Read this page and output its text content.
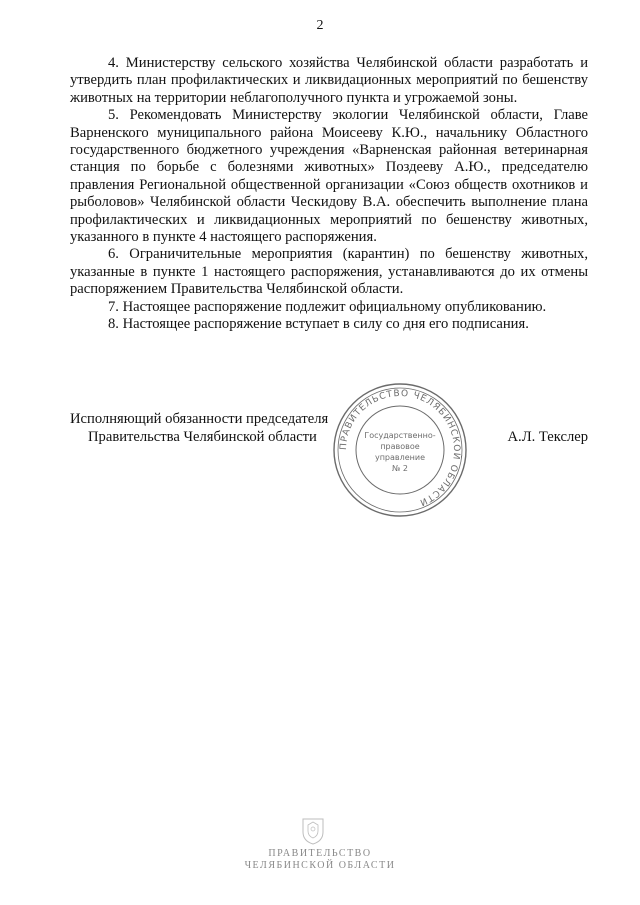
2

4. Министерству сельского хозяйства Челябинской области разработать и утвердить план профилактических и ликвидационных мероприятий по бешенству животных на территории неблагополучного пункта и угрожаемой зоны.

5. Рекомендовать Министерству экологии Челябинской области, Главе Варненского муниципального района Моисееву К.Ю., начальнику Областного государственного бюджетного учреждения «Варненская районная ветеринарная станция по борьбе с болезнями животных» Поздееву А.Ю., председателю правления Региональной общественной организации «Союз обществ охотников и рыболовов» Челябинской области Ческидову В.А. обеспечить выполнение плана профилактических и ликвидационных мероприятий по бешенству животных, указанного в пункте 4 настоящего распоряжения.

6. Ограничительные мероприятия (карантин) по бешенству животных, указанные в пункте 1 настоящего распоряжения, устанавливаются до их отмены распоряжением Правительства Челябинской области.

7. Настоящее распоряжение подлежит официальному опубликованию.

8. Настоящее распоряжение вступает в силу со дня его подписания.

Исполняющий обязанности председателя
Правительства Челябинской области	А.Л. Текслер
ПРАВИТЕЛЬСТВО ЧЕЛЯБИНСКОЙ ОБЛАСТИ
Государственно-
правовое
управление
№ 2
ПРАВИТЕЛЬСТВО
ЧЕЛЯБИНСКОЙ ОБЛАСТИ
